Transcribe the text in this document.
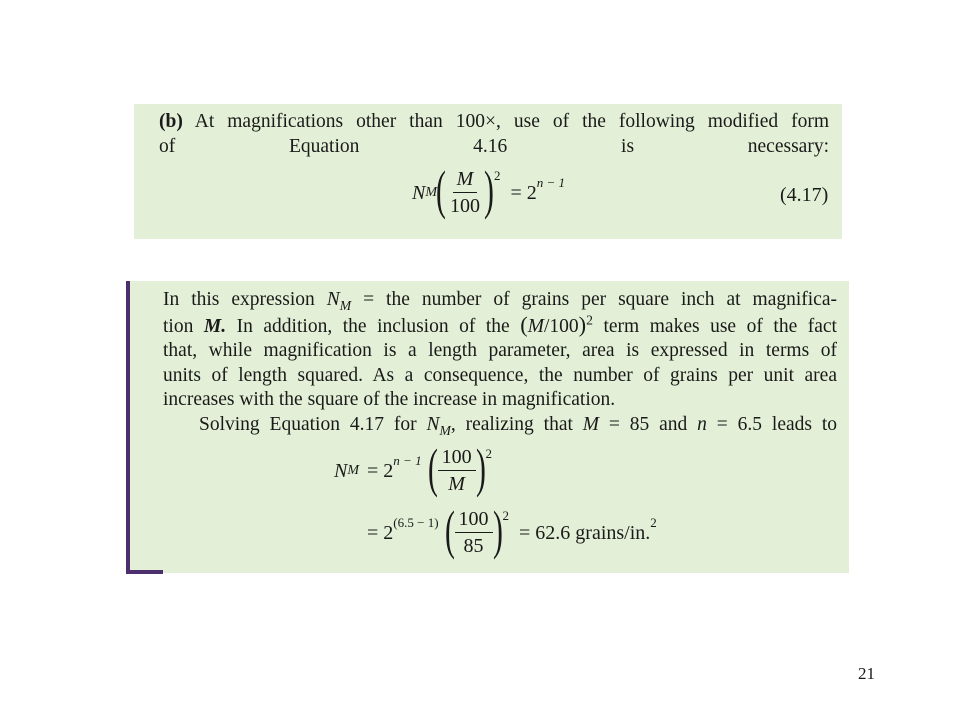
(b) At magnifications other than 100×, use of the following modified form
of Equation 4.16 is necessary:

N M ( $\frac{M}{100}$ ) 2
= 2 n − 1
(4.17)
In this expression $N_M$ = the number of grains per square inch at magnifica-
tion M. In addition, the inclusion of the $(M/100)^2$ term makes use of the fact
that, while magnification is a length parameter, area is expressed in terms of
units of length squared. As a consequence, the number of grains per unit area
increases with the square of the increase in magnification.
Solving Equation 4.17 for $N_M$, realizing that M = 85 and n = 6.5 leads to
N M = 2 n − 1 ( $\frac{100}{M}$ ) 2
= 2 (6.5 − 1) ( $\frac{100}{85}$ ) 2
= 62.6 grains/in. 2
21
